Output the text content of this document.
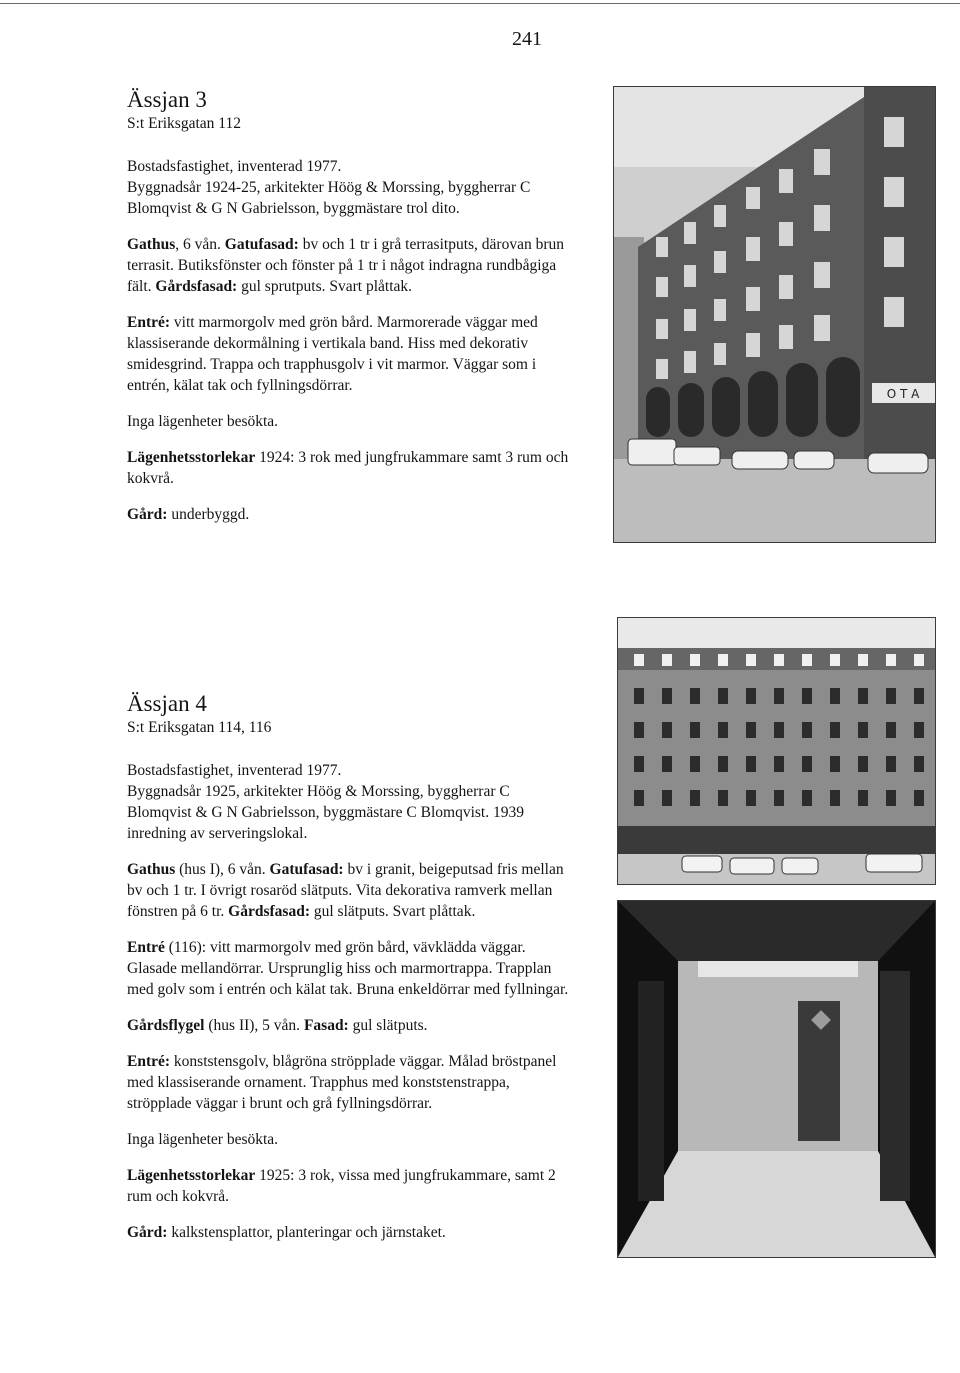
241
Ässjan 3
S:t Eriksgatan 112

Bostadsfastighet, inventerad 1977.
Byggnadsår 1924-25, arkitekter Höög & Morssing, byggherrar C Blomqvist & G N Gabrielsson, byggmästare trol dito.

Gathus, 6 vån. Gatufasad: bv och 1 tr i grå terrasitputs, därovan brun terrasit. Butiksfönster och fönster på 1 tr i något indragna rundbågiga fält. Gårdsfasad: gul sprutputs. Svart plåttak.

Entré: vitt marmorgolv med grön bård. Marmorerade väggar med klassiserande dekormålning i vertikala band. Hiss med dekorativ smidesgrind. Trappa och trapphusgolv i vit marmor. Väggar som i entrén, kälat tak och fyllningsdörrar.

Inga lägenheter besökta.

Lägenhetsstorlekar 1924: 3 rok med jungfrukammare samt 3 rum och kokvrå.

Gård: underbyggd.

Ässjan 4
S:t Eriksgatan 114, 116

Bostadsfastighet, inventerad 1977.
Byggnadsår 1925, arkitekter Höög & Morssing, byggherrar C Blomqvist & G N Gabrielsson, byggmästare C Blomqvist. 1939 inredning av serveringslokal.

Gathus (hus I), 6 vån. Gatufasad: bv i granit, beigeputsad fris mellan bv och 1 tr. I övrigt rosaröd slätputs. Vita dekorativa ramverk mellan fönstren på 6 tr. Gårdsfasad: gul slätputs. Svart plåttak.

Entré (116): vitt marmorgolv med grön bård, vävklädda väggar. Glasade mellandörrar. Ursprunglig hiss och marmortrappa. Trapplan med golv som i entrén och kälat tak. Bruna enkeldörrar med fyllningar.

Gårdsflygel (hus II), 5 vån. Fasad: gul slätputs.

Entré: konststensgolv, blågröna ströpplade väggar. Målad bröstpanel med klassiserande ornament. Trapphus med konststenstrappa, ströpplade väggar i brunt och grå fyllningsdörrar.

Inga lägenheter besökta.

Lägenhetsstorlekar 1925: 3 rok, vissa med jungfrukammare, samt 2 rum och kokvrå.

Gård: kalkstensplattor, planteringar och järnstaket.

O T A
